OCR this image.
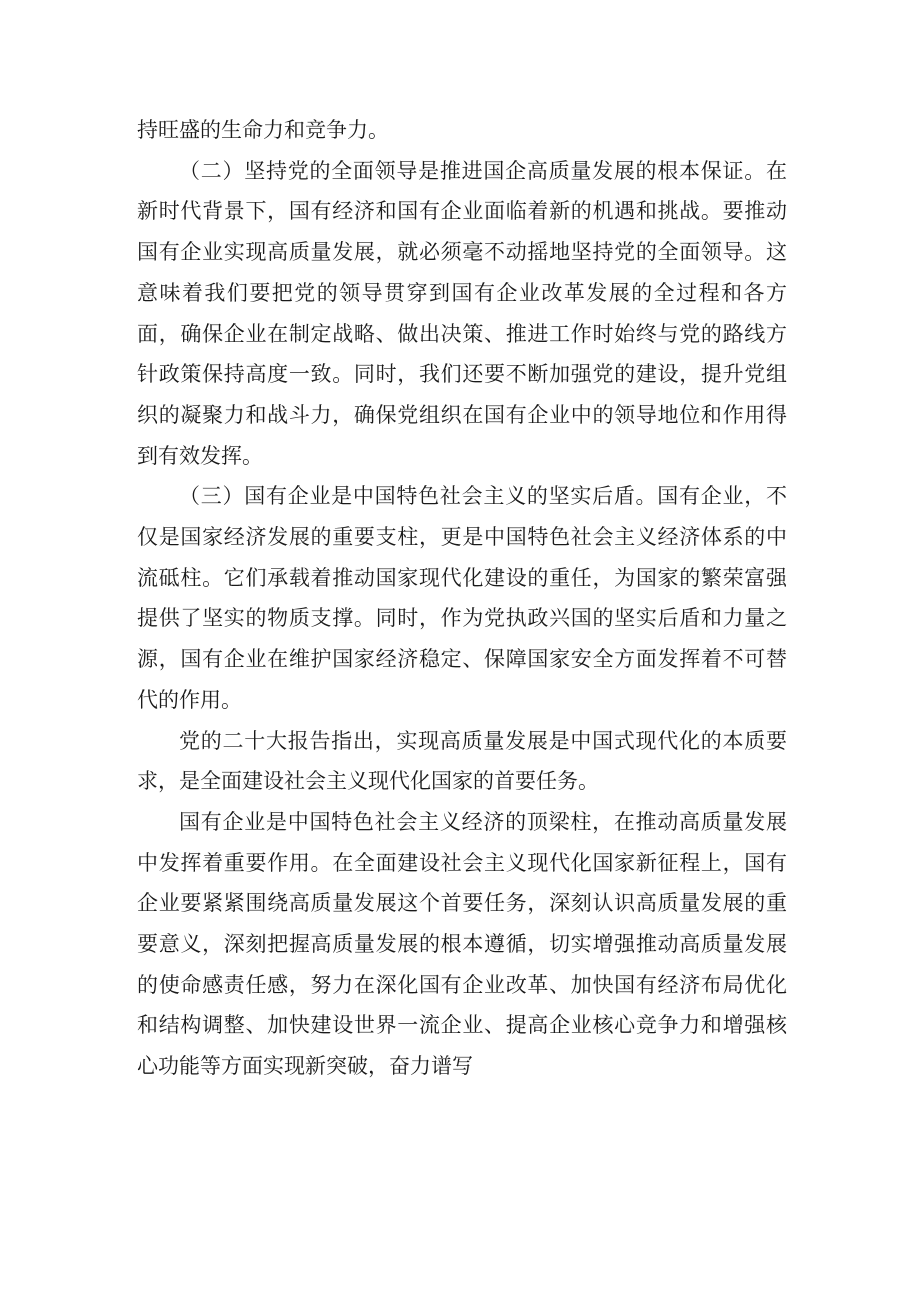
持旺盛的生命力和竞争力。

（二）坚持党的全面领导是推进国企高质量发展的根本保证。在新时代背景下，国有经济和国有企业面临着新的机遇和挑战。要推动国有企业实现高质量发展，就必须毫不动摇地坚持党的全面领导。这意味着我们要把党的领导贯穿到国有企业改革发展的全过程和各方面，确保企业在制定战略、做出决策、推进工作时始终与党的路线方针政策保持高度一致。同时，我们还要不断加强党的建设，提升党组织的凝聚力和战斗力，确保党组织在国有企业中的领导地位和作用得到有效发挥。

（三）国有企业是中国特色社会主义的坚实后盾。国有企业，不仅是国家经济发展的重要支柱，更是中国特色社会主义经济体系的中流砥柱。它们承载着推动国家现代化建设的重任，为国家的繁荣富强提供了坚实的物质支撑。同时，作为党执政兴国的坚实后盾和力量之源，国有企业在维护国家经济稳定、保障国家安全方面发挥着不可替代的作用。

党的二十大报告指出，实现高质量发展是中国式现代化的本质要求，是全面建设社会主义现代化国家的首要任务。

国有企业是中国特色社会主义经济的顶梁柱，在推动高质量发展中发挥着重要作用。在全面建设社会主义现代化国家新征程上，国有企业要紧紧围绕高质量发展这个首要任务，深刻认识高质量发展的重要意义，深刻把握高质量发展的根本遵循，切实增强推动高质量发展的使命感责任感，努力在深化国有企业改革、加快国有经济布局优化和结构调整、加快建设世界一流企业、提高企业核心竞争力和增强核心功能等方面实现新突破，奋力谱写
